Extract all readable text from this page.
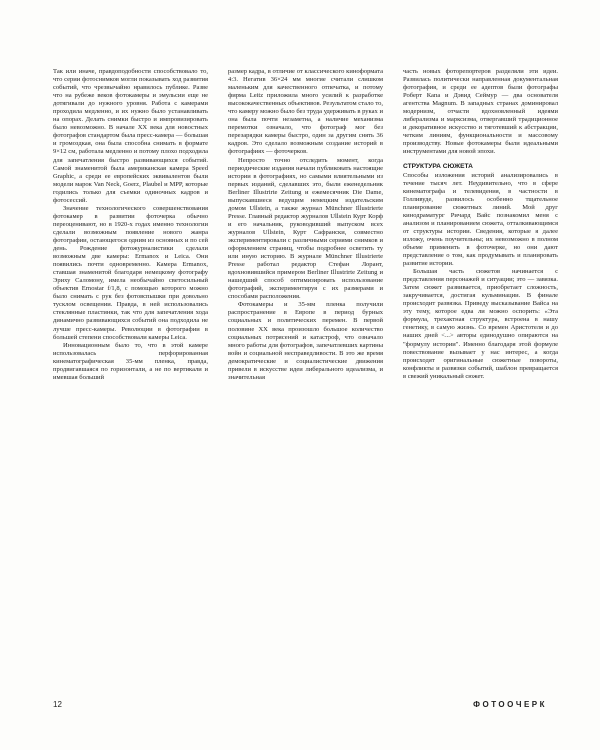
Так или иначе, правдоподобности способствовало то, что серии фотоснимков могли показывать ход развития событий, что чрезвычайно нравилось публике. Разве что на рубеже веков фотокамеры и эмульсии еще не дотягивали до нужного уровня. Работа с камерами проходила медленно, и их нужно было устанавливать на опорах. Делать снимки быстро и импровизировать было невозможно. В начале XX века для новостных фотографов стандартом была пресс-камера — большая и громоздкая, она была способна снимать в формате 9×12 см, работала медленно и потому плохо подходила для запечатления быстро развивающихся событий. Самой знаменитой была американская камера Speed Graphic, а среди ее европейских эквивалентов были модели марок Van Neck, Goerz, Plaubel и MPP, которые годились только для съемки одиночных кадров и фотосессий.

Значение технологического совершенствования фотокамер в развитии фоточерка обычно переоценивают, но в 1920-х годах именно технологии сделали возможным появление нового жанра фотографии, остающегося одним из основных и по сей день. Рождение фотожурналистики сделали возможным две камеры: Ermanox и Leica. Они появились почти одновременно. Камера Ermanox, ставшая знаменитой благодаря немецкому фотографу Эриху Саломону, имела необычайно светосильный объектив Ernostar f/1,8, с помощью которого можно было снимать с рук без фотовспышки при довольно тусклом освещении. Правда, в ней использовались стеклянные пластинки, так что для запечатления хода динамично развивающихся событий она подходила не лучше пресс-камеры. Революции в фотографии в большей степени способствовали камеры Leica.

Инновационным было то, что в этой камере использовалась перфорированная кинематографическая 35-мм пленка, правда, продвигавшаяся по горизонтали, а не по вертикали и имевшая больший

размер кадра, в отличие от классического киноформата 4:3. Негатив 36×24 мм многие считали слишком маленьким для качественного отпечатка, и потому фирма Leitz приложила много усилий к разработке высококачественных объективов. Результатом стало то, что камеру можно было без труда удерживать в руках и она была почти незаметна, а наличие механизма перемотки означало, что фотограф мог без перезарядки камеры быстро, один за другим снять 36 кадров. Это сделало возможным создание историй в фотографиях — фоточерков.

Непросто точно отследить момент, когда периодические издания начали публиковать настоящие истории в фотографиях, но самыми влиятельными из первых изданий, сделавших это, были еженедельник Berliner Illustrirte Zeitung и ежемесячник Die Dame, выпускавшиеся ведущим немецким издательским домом Ullstein, а также журнал Münchner Illustrierte Presse. Главный редактор журналов Ullstein Курт Корф и его начальник, руководивший выпуском всех журналов Ullstein, Курт Сафрански, совместно экспериментировали с различными сериями снимков и оформлением страниц, чтобы подробнее осветить ту или иную историю. В журнале Münchner Illustrierte Presse работал редактор Стефан Лорант, вдохновившийся примером Berliner Illustrirte Zeitung и нашедший способ оптимизировать использование фотографий, экспериментируя с их размерами и способами расположения.

Фотокамеры и 35-мм пленка получили распространение в Европе в период бурных социальных и политических перемен. В первой половине XX века произошло большое количество социальных потрясений и катастроф, что означало много работы для фотографов, запечатлевших картины войн и социальной несправедливости. В это же время демократические и социалистические движения привели в искусстве идеи либерального идеализма, и значительная

часть новых фоторепортеров разделяли эти идеи. Развилась политически направленная документальная фотография, и среди ее адептов были фотографы Роберт Капа и Дэвид Сеймур — два основателя агентства Magnum. В западных странах доминировал модернизм, отчасти вдохновленный идеями либерализма и марксизма, отвергавший традиционное и декоративное искусство и тяготевший к абстракции, четким линиям, функциональности и массовому производству. Новые фотокамеры были идеальными инструментами для новой эпохи.

СТРУКТУРА СЮЖЕТА

Способы изложения историй анализировались в течение тысяч лет. Неудивительно, что в сфере кинематографа и телевидения, в частности в Голливуде, развилось особенно тщательное планирование сюжетных линий. Мой друг кинодраматург Ричард Вайс познакомил меня с анализом и планированием сюжета, отталкивающимся от структуры истории. Сведения, которые я далее изложу, очень поучительны; их невозможно в полном объеме применить в фоточерке, но они дают представление о том, как продумывать и планировать развитие истории.

Большая часть сюжетов начинается с представления персонажей и ситуации; это — завязка. Затем сюжет развивается, приобретает сложность, закручивается, достигая кульминации. В финале происходит развязка. Приведу высказывание Вайса на эту тему, которое едва ли можно оспорить: «Эта формула, трехактная структура, встроена в нашу генетику, в самую жизнь. Со времен Аристотеля и до наших дней <...> авторы единодушно опираются на "формулу истории". Именно благодаря этой формуле повествование вызывает у нас интерес, а когда происходят оригинальные сюжетные повороты, конфликты и развязки событий, шаблон превращается в свежий уникальный сюжет.

12	ФОТООЧЕРК
